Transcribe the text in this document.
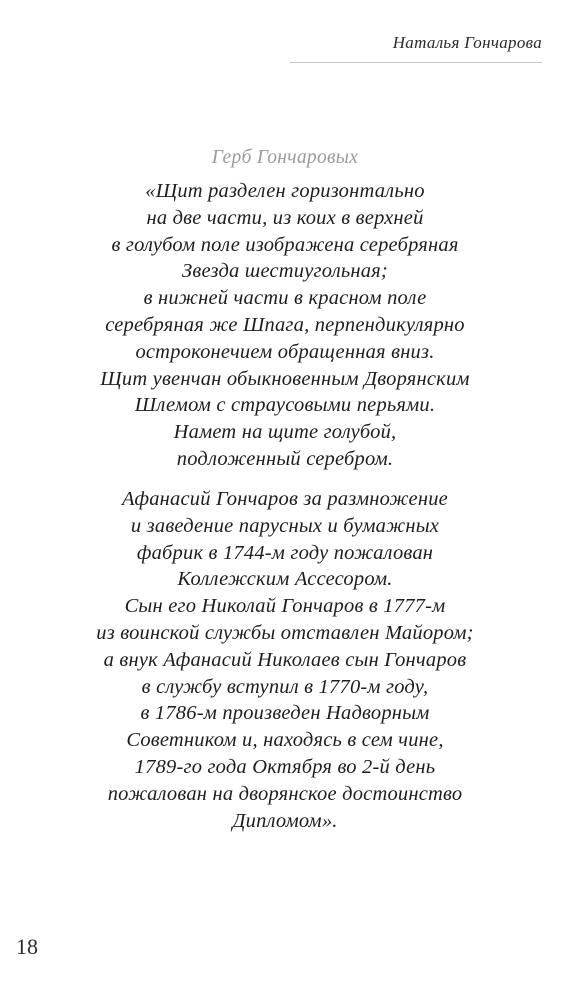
Наталья Гончарова
Герб Гончаровых
«Щит разделен горизонтально
на две части, из коих в верхней
в голубом поле изображена серебряная
Звезда шестиугольная;
в нижней части в красном поле
серебряная же Шпага, перпендикулярно
остроконечием обращенная вниз.
Щит увенчан обыкновенным Дворянским
Шлемом с страусовыми перьями.
Намет на щите голубой,
подложенный серебром.
Афанасий Гончаров за размножение
и заведение парусных и бумажных
фабрик в 1744-м году пожалован
Коллежским Ассесором.
Сын его Николай Гончаров в 1777-м
из воинской службы отставлен Майором;
а внук Афанасий Николаев сын Гончаров
в службу вступил в 1770-м году,
в 1786-м произведен Надворным
Советником и, находясь в сем чине,
1789-го года Октября во 2-й день
пожалован на дворянское достоинство
Дипломом».
18
